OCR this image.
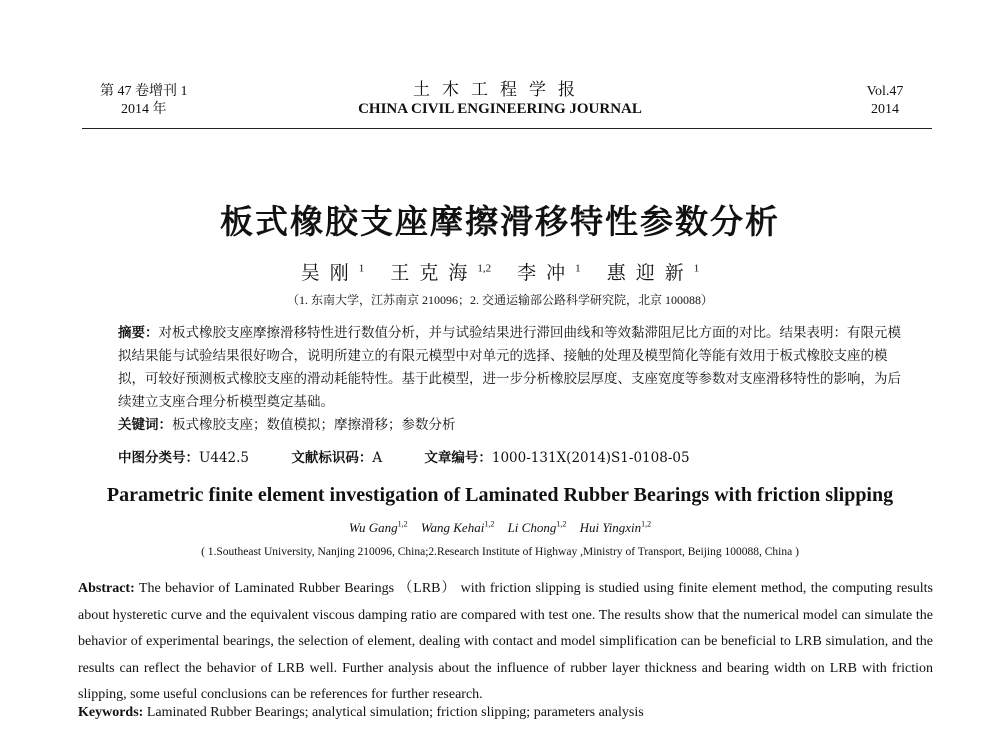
第 47 卷增刊 1
2014 年
土木工程学报
CHINA CIVIL ENGINEERING JOURNAL
Vol.47
2014
板式橡胶支座摩擦滑移特性参数分析
吴刚$^1$ 王克海$^{1,2}$ 李冲$^1$ 惠迎新$^1$
（1. 东南大学，江苏南京 210096；2. 交通运输部公路科学研究院，北京 100088）
摘要：对板式橡胶支座摩擦滑移特性进行数值分析，并与试验结果进行滞回曲线和等效黏滞阻尼比方面的对比。结果表明：有限元模拟结果能与试验结果很好吻合，说明所建立的有限元模型中对单元的选择、接触的处理及模型简化等能有效用于板式橡胶支座的模拟，可较好预测板式橡胶支座的滑动耗能特性。基于此模型，进一步分析橡胶层厚度、支座宽度等参数对支座滑移特性的影响，为后续建立支座合理分析模型奠定基础。
关键词：板式橡胶支座；数值模拟；摩擦滑移；参数分析
中图分类号：U442.5	文献标识码：A	文章编号：1000-131X(2014)S1-0108-05
Parametric finite element investigation of Laminated Rubber Bearings with friction slipping
Wu Gang$^{1,2}$ Wang Kehai$^{1,2}$ Li Chong$^{1,2}$ Hui Yingxin$^{1,2}$
( 1.Southeast University, Nanjing 210096, China;2.Research Institute of Highway ,Ministry of Transport, Beijing 100088, China )
Abstract: The behavior of Laminated Rubber Bearings （LRB） with friction slipping is studied using finite element method, the computing results about hysteretic curve and the equivalent viscous damping ratio are compared with test one. The results show that the numerical model can simulate the behavior of experimental bearings, the selection of element, dealing with contact and model simplification can be beneficial to LRB simulation, and the results can reflect the behavior of LRB well. Further analysis about the influence of rubber layer thickness and bearing width on LRB with friction slipping, some useful conclusions can be references for further research.
Keywords: Laminated Rubber Bearings; analytical simulation; friction slipping; parameters analysis
